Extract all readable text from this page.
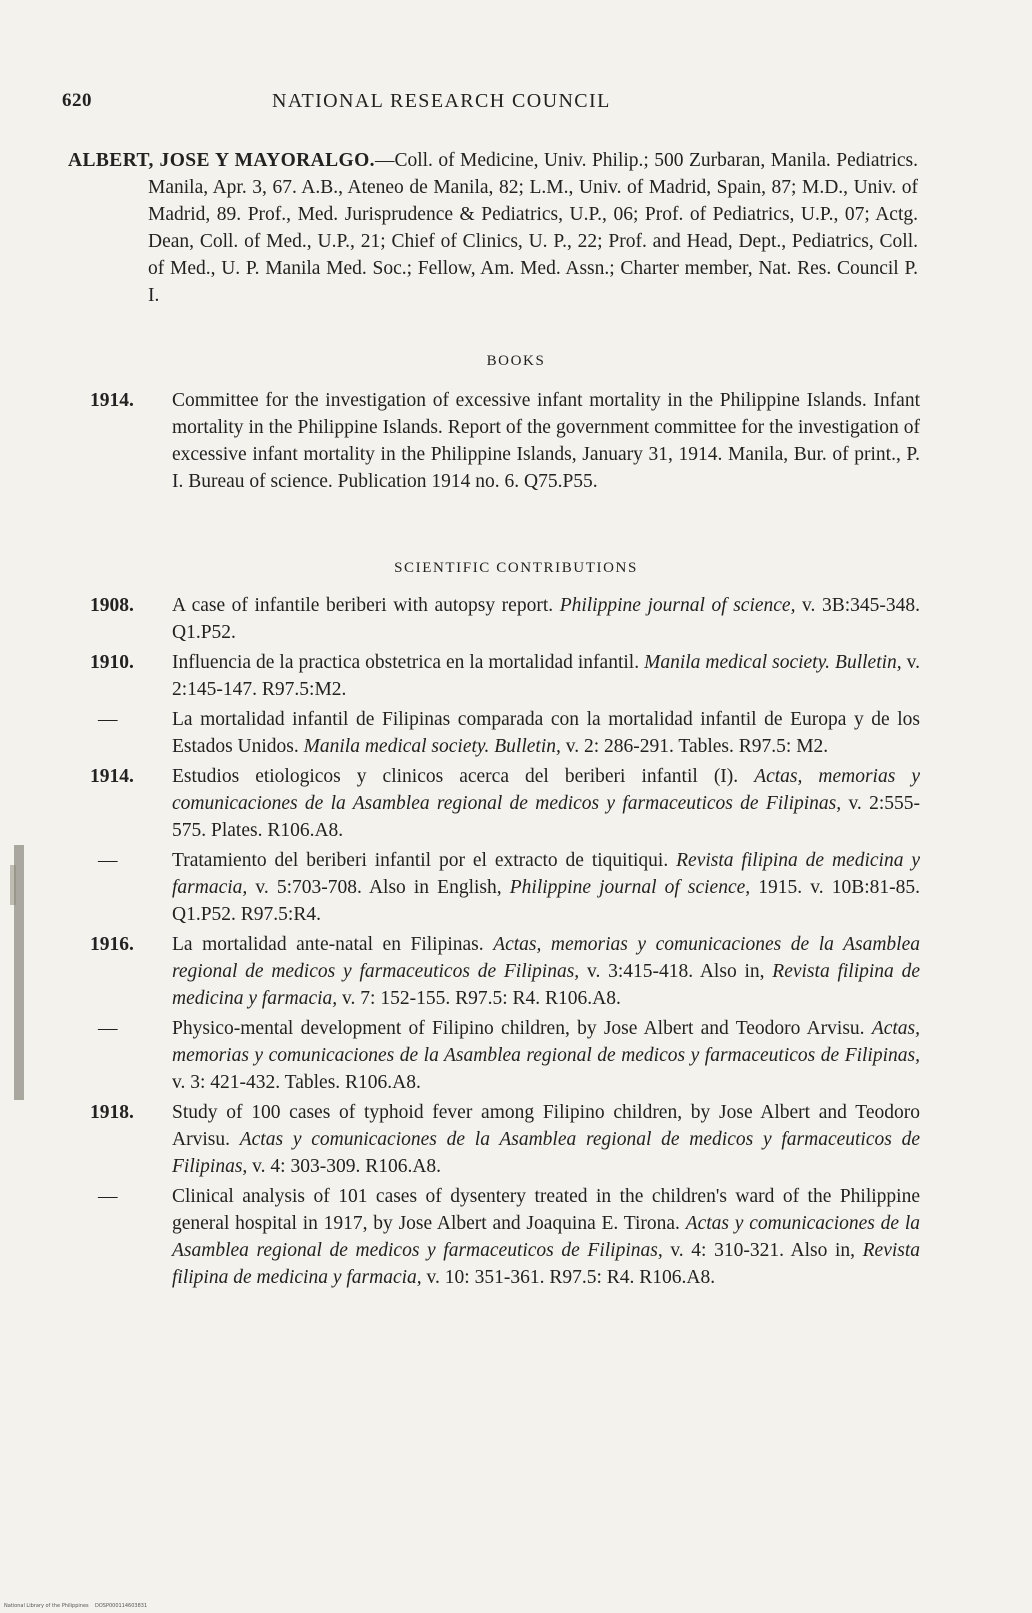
620	NATIONAL RESEARCH COUNCIL
ALBERT, JOSE Y MAYORALGO.—Coll. of Medicine, Univ. Philip.; 500 Zurbaran, Manila. Pediatrics. Manila, Apr. 3, 67. A.B., Ateneo de Manila, 82; L.M., Univ. of Madrid, Spain, 87; M.D., Univ. of Madrid, 89. Prof., Med. Jurisprudence & Pediatrics, U.P., 06; Prof. of Pediatrics, U.P., 07; Actg. Dean, Coll. of Med., U.P., 21; Chief of Clinics, U. P., 22; Prof. and Head, Dept., Pediatrics, Coll. of Med., U. P. Manila Med. Soc.; Fellow, Am. Med. Assn.; Charter member, Nat. Res. Council P. I.
BOOKS
1914. Committee for the investigation of excessive infant mortality in the Philippine Islands. Infant mortality in the Philippine Islands. Report of the government committee for the investigation of excessive infant mortality in the Philippine Islands, January 31, 1914. Manila, Bur. of print., P. I. Bureau of science. Publication 1914 no. 6. Q75.P55.
SCIENTIFIC CONTRIBUTIONS
1908. A case of infantile beriberi with autopsy report. Philippine journal of science, v. 3B:345-348. Q1.P52.
1910. Influencia de la practica obstetrica en la mortalidad infantil. Manila medical society. Bulletin, v. 2:145-147. R97.5:M2.
—	La mortalidad infantil de Filipinas comparada con la mortalidad infantil de Europa y de los Estados Unidos. Manila medical society. Bulletin, v. 2: 286-291. Tables. R97.5: M2.
1914. Estudios etiologicos y clinicos acerca del beriberi infantil (I). Actas, memorias y comunicaciones de la Asamblea regional de medicos y farmaceuticos de Filipinas, v. 2:555-575. Plates. R106.A8.
—	Tratamiento del beriberi infantil por el extracto de tiquitiqui. Revista filipina de medicina y farmacia, v. 5:703-708. Also in English, Philippine journal of science, 1915. v. 10B:81-85. Q1.P52. R97.5:R4.
1916. La mortalidad ante-natal en Filipinas. Actas, memorias y comunicaciones de la Asamblea regional de medicos y farmaceuticos de Filipinas, v. 3:415-418. Also in, Revista filipina de medicina y farmacia, v. 7: 152-155. R97.5: R4. R106.A8.
—	Physico-mental development of Filipino children, by Jose Albert and Teodoro Arvisu. Actas, memorias y comunicaciones de la Asamblea regional de medicos y farmaceuticos de Filipinas, v. 3: 421-432. Tables. R106.A8.
1918. Study of 100 cases of typhoid fever among Filipino children, by Jose Albert and Teodoro Arvisu. Actas y comunicaciones de la Asamblea regional de medicos y farmaceuticos de Filipinas, v. 4: 303-309. R106.A8.
—	Clinical analysis of 101 cases of dysentery treated in the children's ward of the Philippine general hospital in 1917, by Jose Albert and Joaquina E. Tirona. Actas y comunicaciones de la Asamblea regional de medicos y farmaceuticos de Filipinas, v. 4: 310-321. Also in, Revista filipina de medicina y farmacia, v. 10: 351-361. R97.5: R4. R106.A8.
National Library of the Philippines    DOSP000114603831
